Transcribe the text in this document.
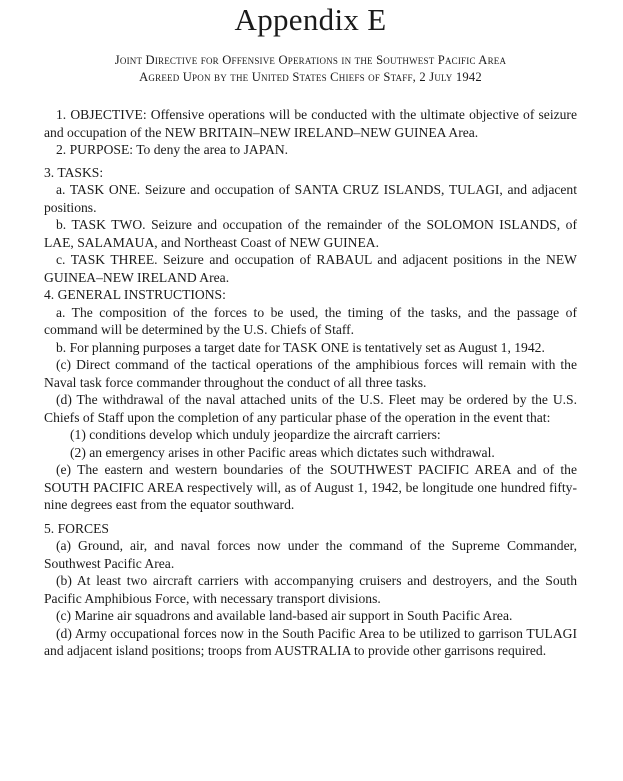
Appendix E
Joint Directive for Offensive Operations in the Southwest Pacific Area
Agreed Upon by the United States Chiefs of Staff, 2 July 1942

1. OBJECTIVE: Offensive operations will be conducted with the ultimate objective of seizure and occupation of the NEW BRITAIN–NEW IRELAND–NEW GUINEA Area.

2. PURPOSE: To deny the area to JAPAN.

3. TASKS:

a. TASK ONE. Seizure and occupation of SANTA CRUZ ISLANDS, TULAGI, and adjacent positions.

b. TASK TWO. Seizure and occupation of the remainder of the SOLOMON ISLANDS, of LAE, SALAMAUA, and Northeast Coast of NEW GUINEA.

c. TASK THREE. Seizure and occupation of RABAUL and adjacent positions in the NEW GUINEA–NEW IRELAND Area.

4. GENERAL INSTRUCTIONS:

a. The composition of the forces to be used, the timing of the tasks, and the passage of command will be determined by the U.S. Chiefs of Staff.

b. For planning purposes a target date for TASK ONE is tentatively set as August 1, 1942.

(c) Direct command of the tactical operations of the amphibious forces will remain with the Naval task force commander throughout the conduct of all three tasks.

(d) The withdrawal of the naval attached units of the U.S. Fleet may be ordered by the U.S. Chiefs of Staff upon the completion of any particular phase of the operation in the event that:

(1) conditions develop which unduly jeopardize the aircraft carriers:

(2) an emergency arises in other Pacific areas which dictates such withdrawal.

(e) The eastern and western boundaries of the SOUTHWEST PACIFIC AREA and of the SOUTH PACIFIC AREA respectively will, as of August 1, 1942, be longitude one hundred fifty-nine degrees east from the equator southward.

5. FORCES

(a) Ground, air, and naval forces now under the command of the Supreme Commander, Southwest Pacific Area.

(b) At least two aircraft carriers with accompanying cruisers and destroyers, and the South Pacific Amphibious Force, with necessary transport divisions.

(c) Marine air squadrons and available land-based air support in South Pacific Area.

(d) Army occupational forces now in the South Pacific Area to be utilized to garrison TULAGI and adjacent island positions; troops from AUSTRALIA to provide other garrisons required.
